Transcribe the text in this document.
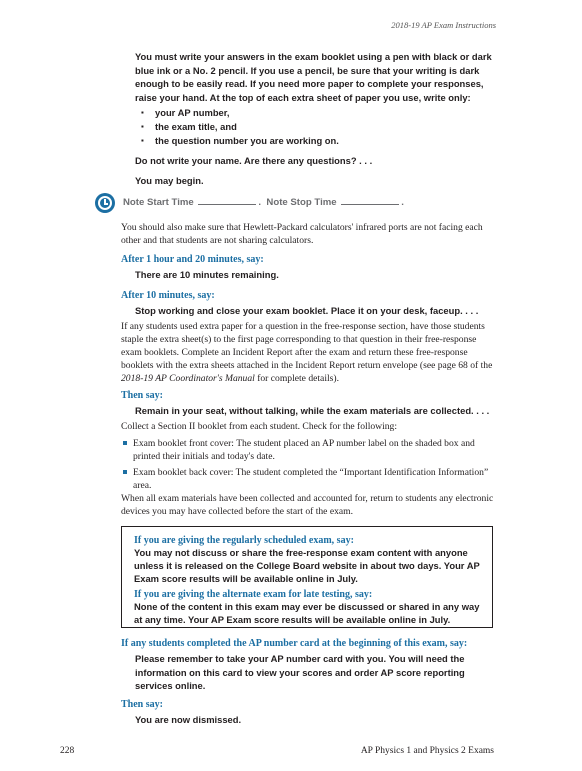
2018-19 AP Exam Instructions

You must write your answers in the exam booklet using a pen with black or dark blue ink or a No. 2 pencil. If you use a pencil, be sure that your writing is dark enough to be easily read. If you need more paper to complete your responses, raise your hand. At the top of each extra sheet of paper you use, write only:

▪ your AP number,
▪ the exam title, and
▪ the question number you are working on.

Do not write your name. Are there any questions? . . .

You may begin.

Note Start Time	. Note Stop Time	.

You should also make sure that Hewlett-Packard calculators' infrared ports are not facing each other and that students are not sharing calculators.

After 1 hour and 20 minutes, say:

There are 10 minutes remaining.

After 10 minutes, say:

Stop working and close your exam booklet. Place it on your desk, faceup. . . .

If any students used extra paper for a question in the free-response section, have those students staple the extra sheet(s) to the first page corresponding to that question in their free-response exam booklets. Complete an Incident Report after the exam and return these free-response booklets with the extra sheets attached in the Incident Report return envelope (see page 68 of the 2018-19 AP Coordinator's Manual for complete details).

Then say:

Remain in your seat, without talking, while the exam materials are collected. . . .

Collect a Section II booklet from each student. Check for the following:

Exam booklet front cover: The student placed an AP number label on the shaded box and printed their initials and today's date.
Exam booklet back cover: The student completed the “Important Identification Information” area.

When all exam materials have been collected and accounted for, return to students any electronic devices you may have collected before the start of the exam.

If you are giving the regularly scheduled exam, say:

You may not discuss or share the free-response exam content with anyone unless it is released on the College Board website in about two days. Your AP Exam score results will be available online in July.

If you are giving the alternate exam for late testing, say:

None of the content in this exam may ever be discussed or shared in any way at any time. Your AP Exam score results will be available online in July.

If any students completed the AP number card at the beginning of this exam, say:

Please remember to take your AP number card with you. You will need the information on this card to view your scores and order AP score reporting services online.

Then say:

You are now dismissed.

228	AP Physics 1 and Physics 2 Exams
